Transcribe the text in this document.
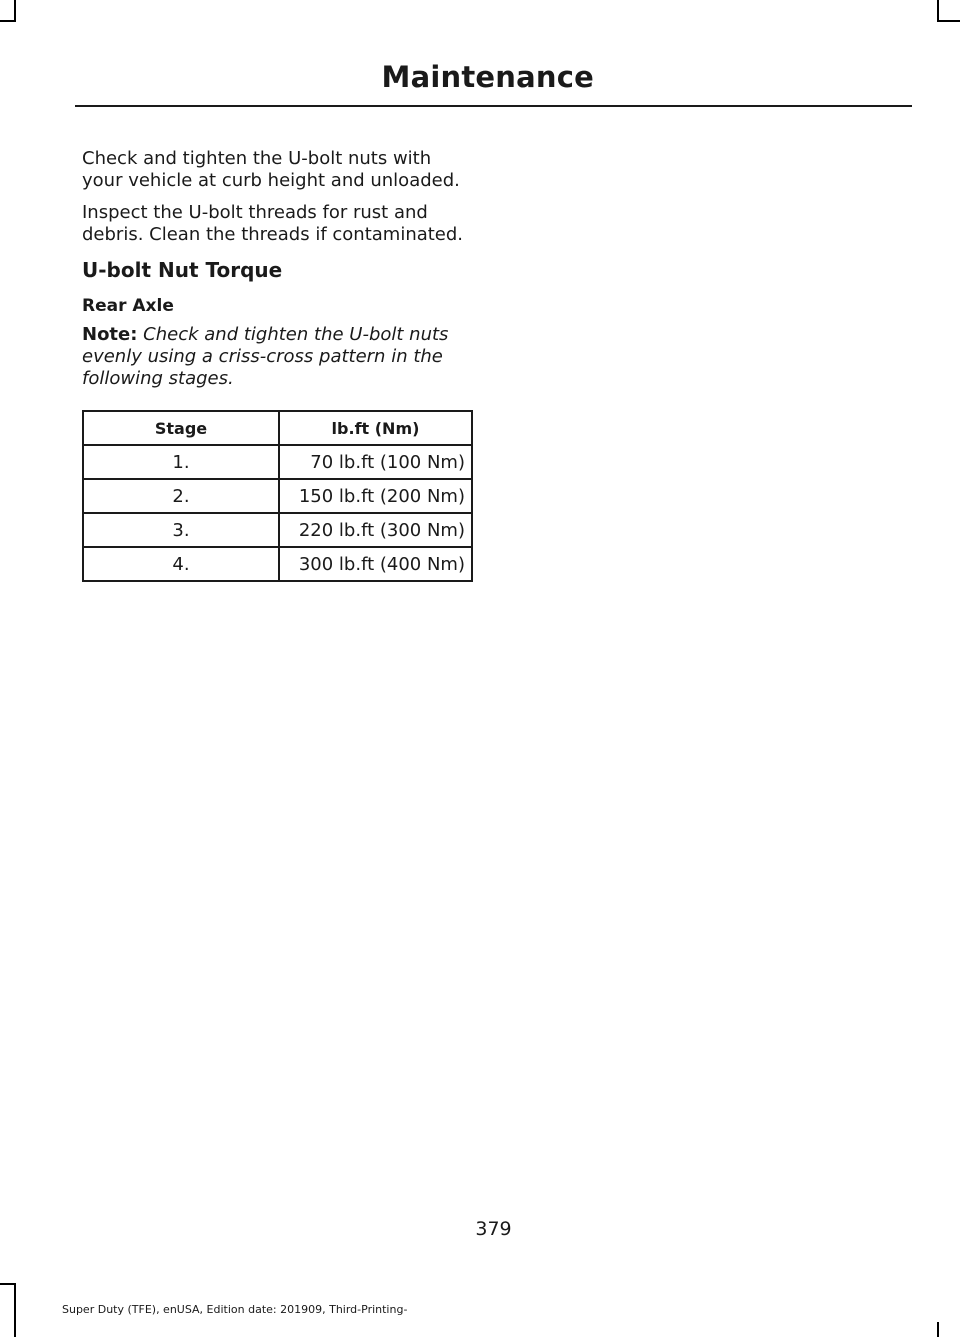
Maintenance

Check and tighten the U-bolt nuts with your vehicle at curb height and unloaded.

Inspect the U-bolt threads for rust and debris. Clean the threads if contaminated.

U-bolt Nut Torque
Rear Axle

Note: Check and tighten the U-bolt nuts evenly using a criss-cross pattern in the following stages.

Stage	lb.ft (Nm)
1.	70 lb.ft (100 Nm)
2.	150 lb.ft (200 Nm)
3.	220 lb.ft (300 Nm)
4.	300 lb.ft (400 Nm)
379
Super Duty (TFE), enUSA, Edition date: 201909, Third-Printing-
